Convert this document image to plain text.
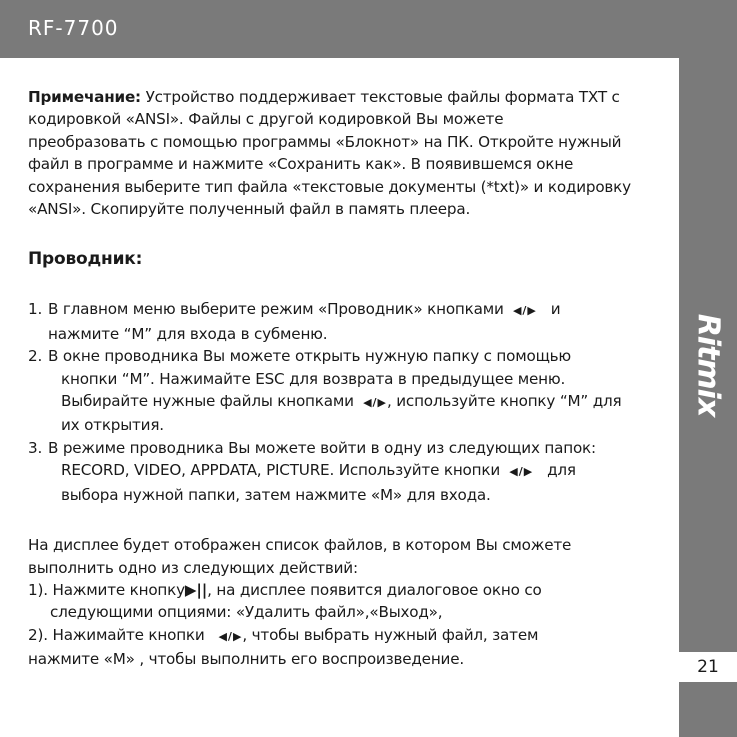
RF-7700
Ritmix
21

Примечание: Устройство поддерживает текстовые файлы формата TXT с
кодировкой «ANSI». Файлы с другой кодировкой Вы можете
преобразовать с помощью программы «Блокнот» на ПК. Откройте нужный
файл в программе и нажмите «Сохранить как». В появившемся окне
сохранения выберите тип файла «текстовые документы (*txt)» и кодировку
«ANSI». Скопируйте полученный файл в память плеера.

Проводник:
1. В главном меню выберите режим «Проводник» кнопками ◀/▶ и
нажмите “М” для входа в субменю.
2. В окне проводника Вы можете открыть нужную папку с помощью

кнопки “М”. Нажимайте ESC для возврата в предыдущее меню.
Выбирайте нужные файлы кнопками ◀/▶, используйте кнопку “М” для
их открытия.
3. В режиме проводника Вы можете войти в одну из следующих папок:

RECORD, VIDEO, APPDATA, PICTURE. Используйте кнопки ◀/▶ для
выбора нужной папки, затем нажмите «М» для входа.

На дисплее будет отображен список файлов, в котором Вы сможете
выполнить одно из следующих действий:

1). Нажмите кнопку▶||, на дисплее появится диалоговое окно со

следующими опциями: «Удалить файл»,«Выход»,

2). Нажимайте кнопки ◀/▶, чтобы выбрать нужный файл, затем
нажмите «М» , чтобы выполнить его воспроизведение.
